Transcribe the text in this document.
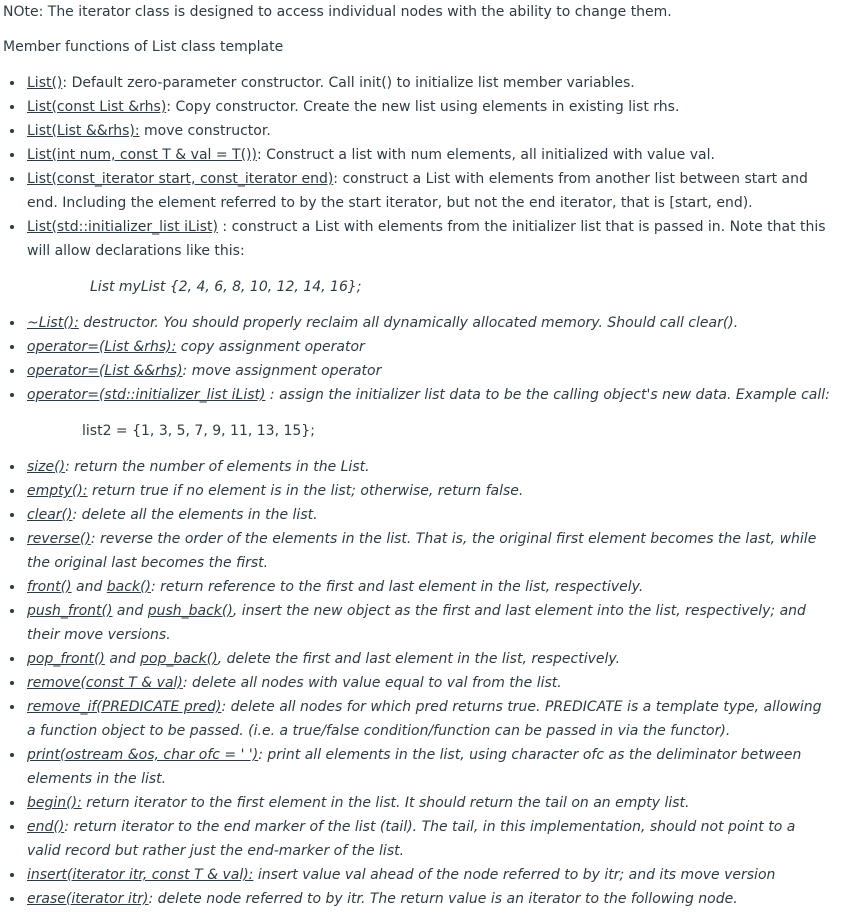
NOte: The iterator class is designed to access individual nodes with the ability to change them.
Member functions of List class template
List(): Default zero-parameter constructor. Call init() to initialize list member variables.
List(const List &rhs): Copy constructor. Create the new list using elements in existing list rhs.
List(List &&rhs): move constructor.
List(int num, const T & val = T()): Construct a list with num elements, all initialized with value val.
List(const_iterator start, const_iterator end): construct a List with elements from another list between start and end. Including the element referred to by the start iterator, but not the end iterator, that is [start, end).
List(std::initializer_list iList) : construct a List with elements from the initializer list that is passed in. Note that this will allow declarations like this:
List myList {2, 4, 6, 8, 10, 12, 14, 16};
~List(): destructor. You should properly reclaim all dynamically allocated memory. Should call clear().
operator=(List &rhs): copy assignment operator
operator=(List &&rhs): move assignment operator
operator=(std::initializer_list iList) : assign the initializer list data to be the calling object's new data. Example call:
list2 = {1, 3, 5, 7, 9, 11, 13, 15};
size(): return the number of elements in the List.
empty(): return true if no element is in the list; otherwise, return false.
clear(): delete all the elements in the list.
reverse(): reverse the order of the elements in the list. That is, the original first element becomes the last, while the original last becomes the first.
front() and back(): return reference to the first and last element in the list, respectively.
push_front() and push_back(), insert the new object as the first and last element into the list, respectively; and their move versions.
pop_front() and pop_back(), delete the first and last element in the list, respectively.
remove(const T & val): delete all nodes with value equal to val from the list.
remove_if(PREDICATE pred): delete all nodes for which pred returns true. PREDICATE is a template type, allowing a function object to be passed. (i.e. a true/false condition/function can be passed in via the functor).
print(ostream &os, char ofc = ' '): print all elements in the list, using character ofc as the deliminator between elements in the list.
begin(): return iterator to the first element in the list. It should return the tail on an empty list.
end(): return iterator to the end marker of the list (tail). The tail, in this implementation, should not point to a valid record but rather just the end-marker of the list.
insert(iterator itr, const T & val): insert value val ahead of the node referred to by itr; and its move version
erase(iterator itr): delete node referred to by itr. The return value is an iterator to the following node.
